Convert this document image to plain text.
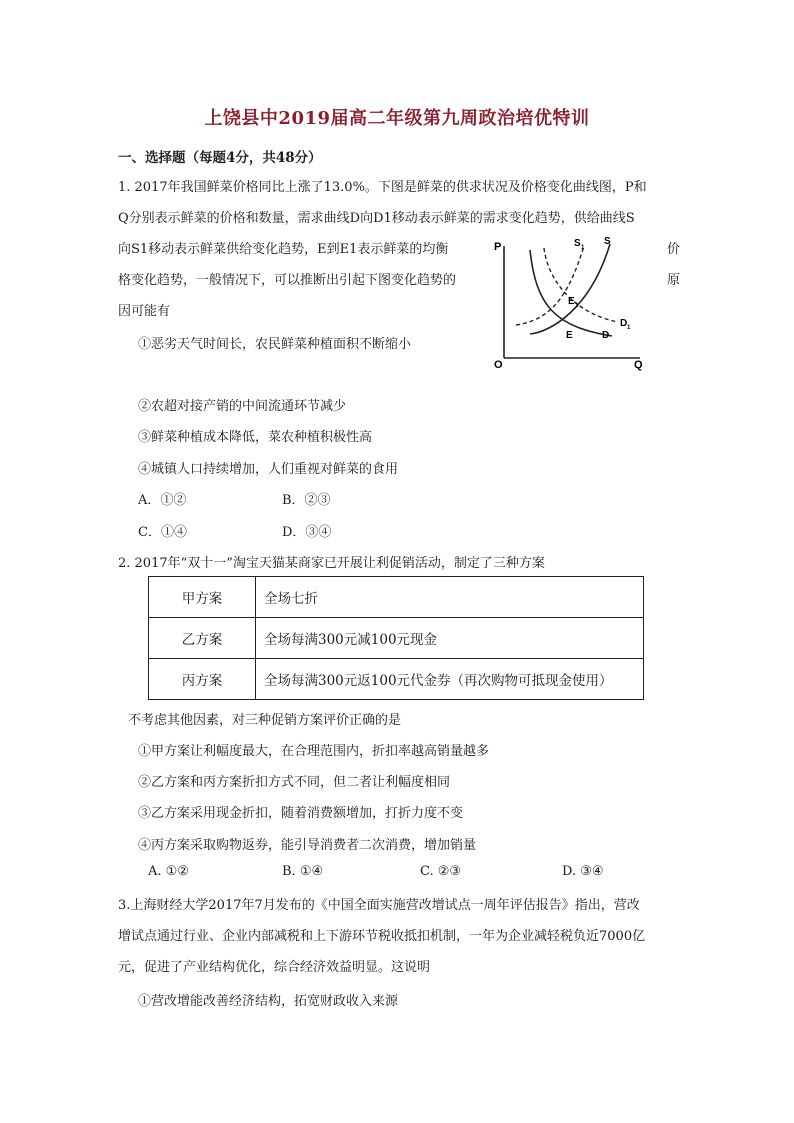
上饶县中2019届高二年级第九周政治培优特训
一、选择题（每题4分，共48分）
1. 2017年我国鲜菜价格同比上涨了13.0%。下图是鲜菜的供求状况及价格变化曲线图，P和
Q分别表示鲜菜的价格和数量，需求曲线D向D1移动表示鲜菜的需求变化趋势，供给曲线S
向S1移动表示鲜菜供给变化趋势，E到E1表示鲜菜的均衡	价
格变化趋势，一般情况下，可以推断出引起下图变化趋势的	原
因可能有
P
O	Q
S
S 1
D
D 1
E
E 1
①恶劣天气时间长，农民鲜菜种植面积不断缩小
②农超对接产销的中间流通环节减少
③鲜菜种植成本降低，菜农种植积极性高
④城镇人口持续增加，人们重视对鲜菜的食用
A．①②	B．②③
C．①④	D．③④
2. 2017年“双十一”淘宝天猫某商家已开展让利促销活动，制定了三种方案
甲方案	全场七折
乙方案	全场每满300元减100元现金
丙方案	全场每满300元返100元代金券（再次购物可抵现金使用）
不考虑其他因素，对三种促销方案评价正确的是
①甲方案让利幅度最大，在合理范围内，折扣率越高销量越多
②乙方案和丙方案折扣方式不同，但二者让利幅度相同
③乙方案采用现金折扣，随着消费额增加，打折力度不变
④丙方案采取购物返券，能引导消费者二次消费，增加销量
A. ①②	B. ①④	C. ②③	D. ③④
3.上海财经大学2017年7月发布的《中国全面实施营改增试点一周年评估报告》指出，营改
增试点通过行业、企业内部减税和上下游环节税收抵扣机制，一年为企业减轻税负近7000亿
元，促进了产业结构优化，综合经济效益明显。这说明
①营改增能改善经济结构，拓宽财政收入来源
